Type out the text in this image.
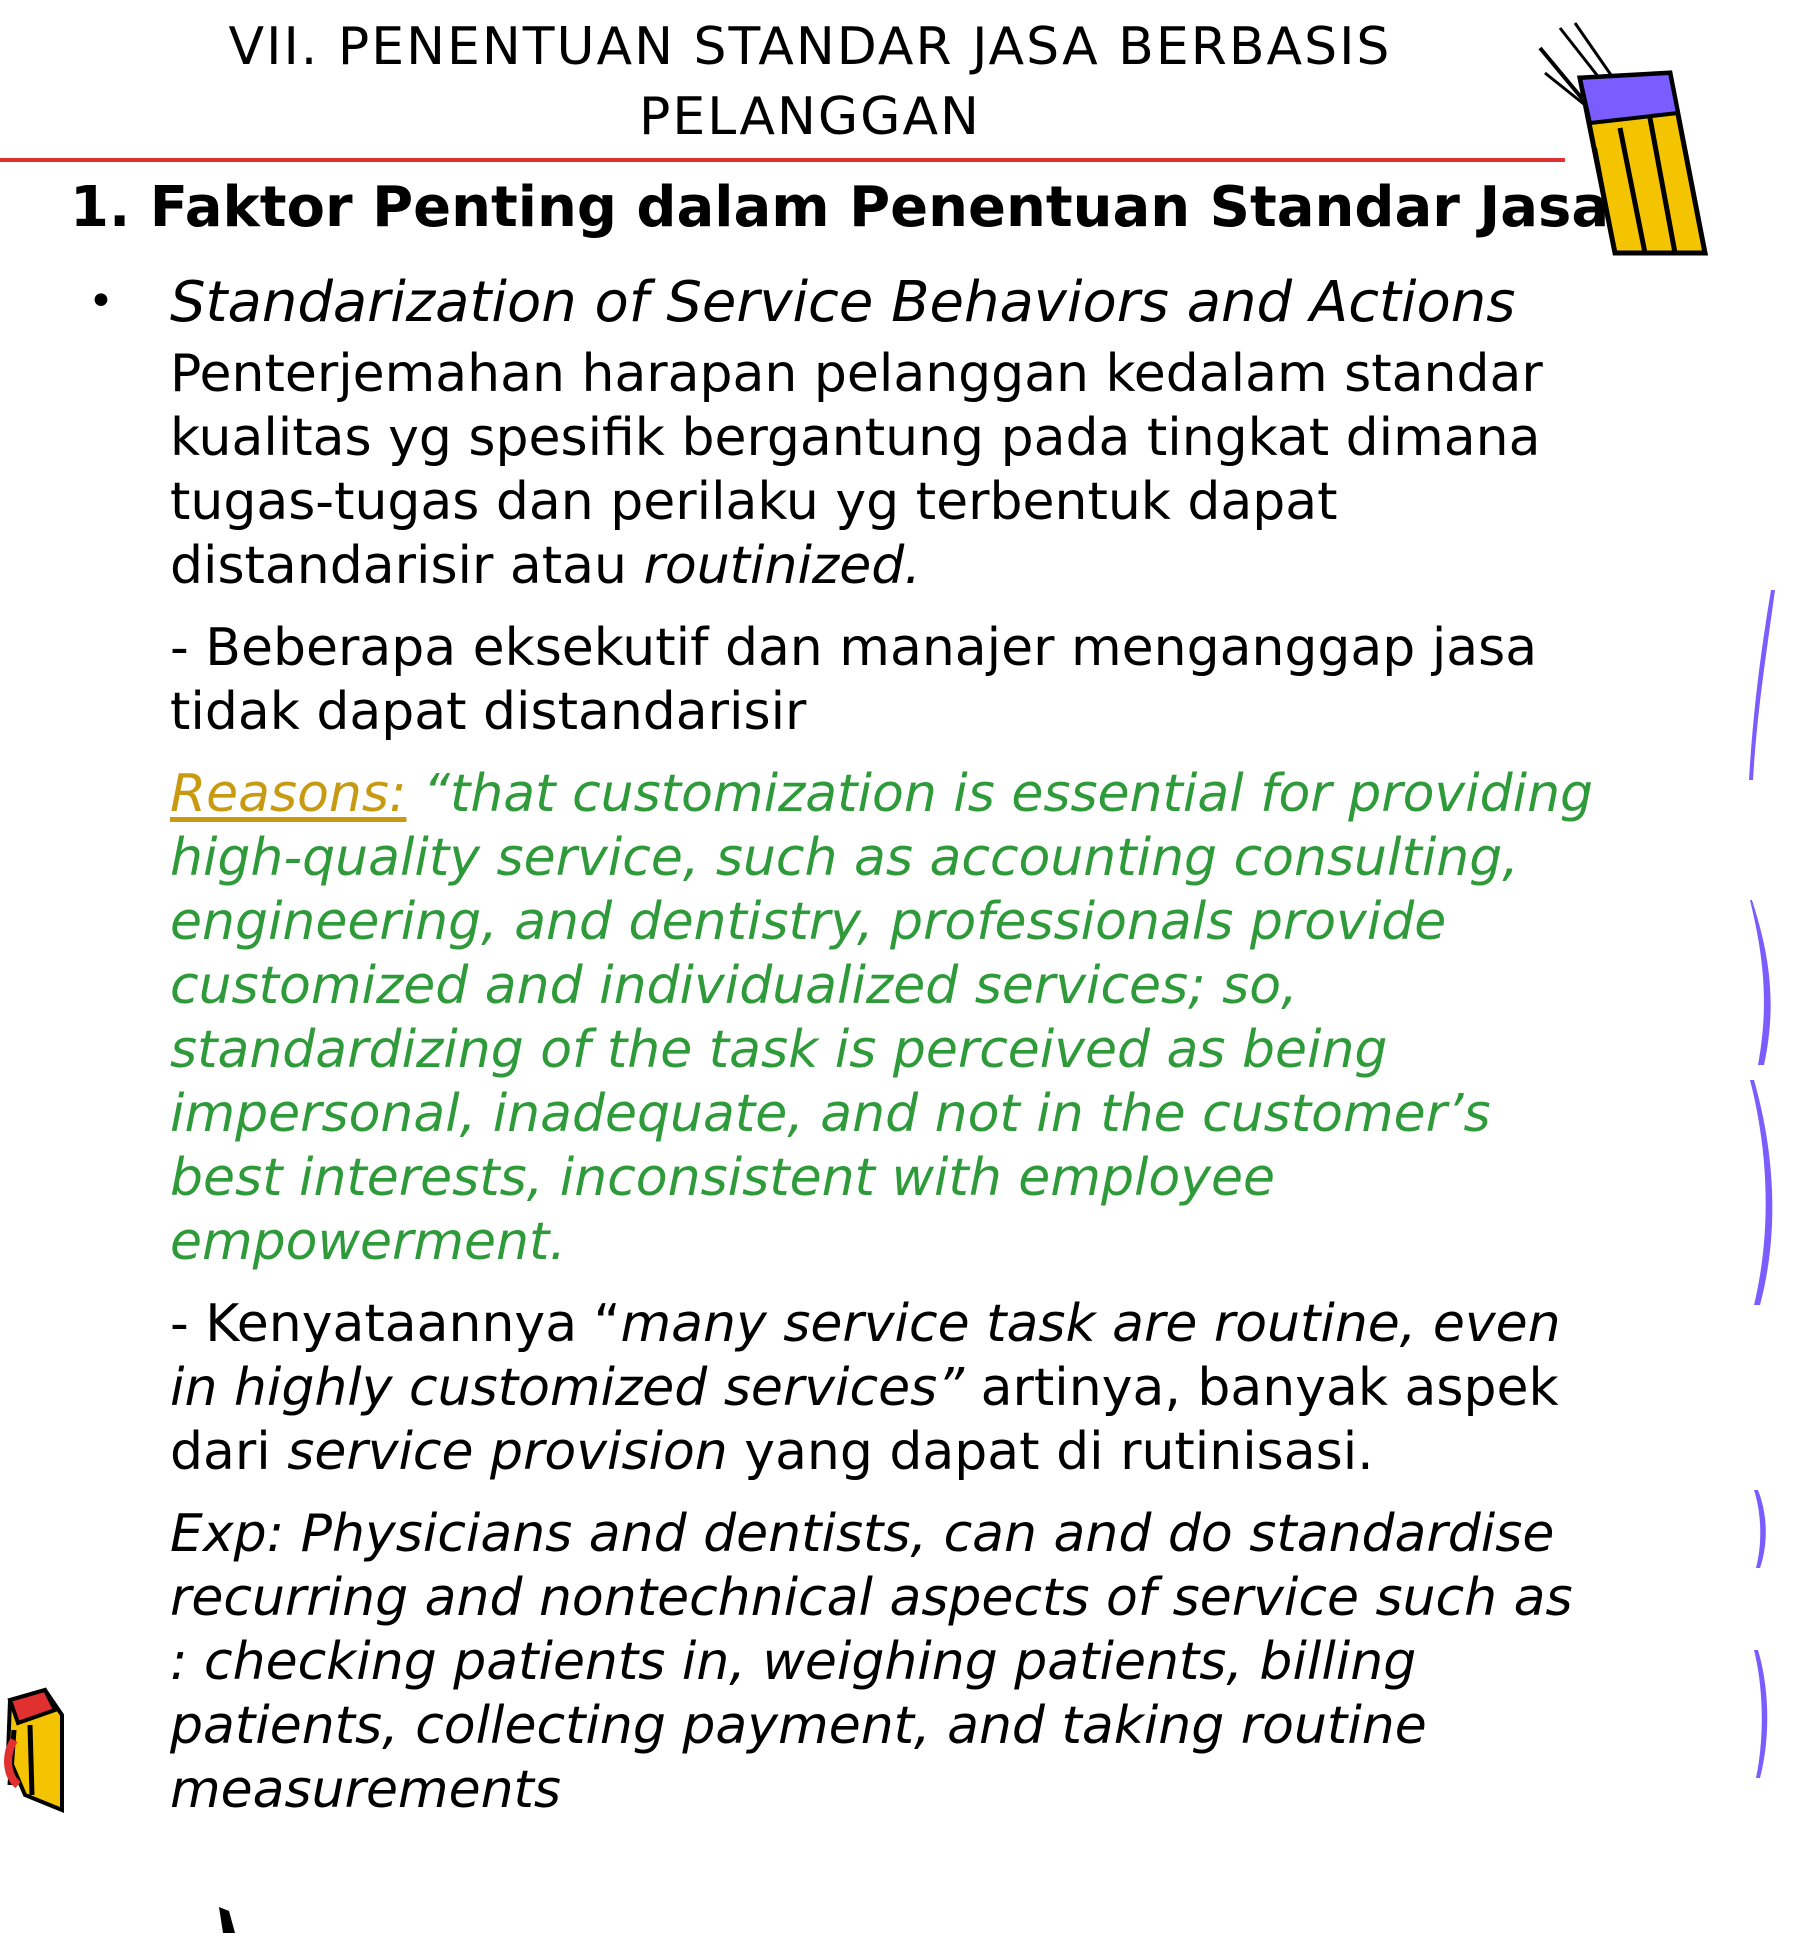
VII. PENENTUAN STANDAR JASA BERBASIS
PELANGGAN
1. Faktor Penting dalam Penentuan Standar Jasa
• Standarization of Service Behaviors and Actions

Penterjemahan harapan pelanggan kedalam standar
kualitas yg spesifik bergantung pada tingkat dimana
tugas-tugas dan perilaku yg terbentuk dapat
distandarisir atau routinized.

- Beberapa eksekutif dan manajer menganggap jasa
tidak dapat distandarisir

Reasons: “that customization is essential for providing
high-quality service, such as accounting consulting,
engineering, and dentistry, professionals provide
customized and individualized services; so,
standardizing of the task is perceived as being
impersonal, inadequate, and not in the customer’s
best interests, inconsistent with employee
empowerment.

- Kenyataannya “many service task are routine, even
in highly customized services” artinya, banyak aspek
dari service provision yang dapat di rutinisasi.

Exp: Physicians and dentists, can and do standardise
recurring and nontechnical aspects of service such as
: checking patients in, weighing patients, billing
patients, collecting payment, and taking routine
measurements
